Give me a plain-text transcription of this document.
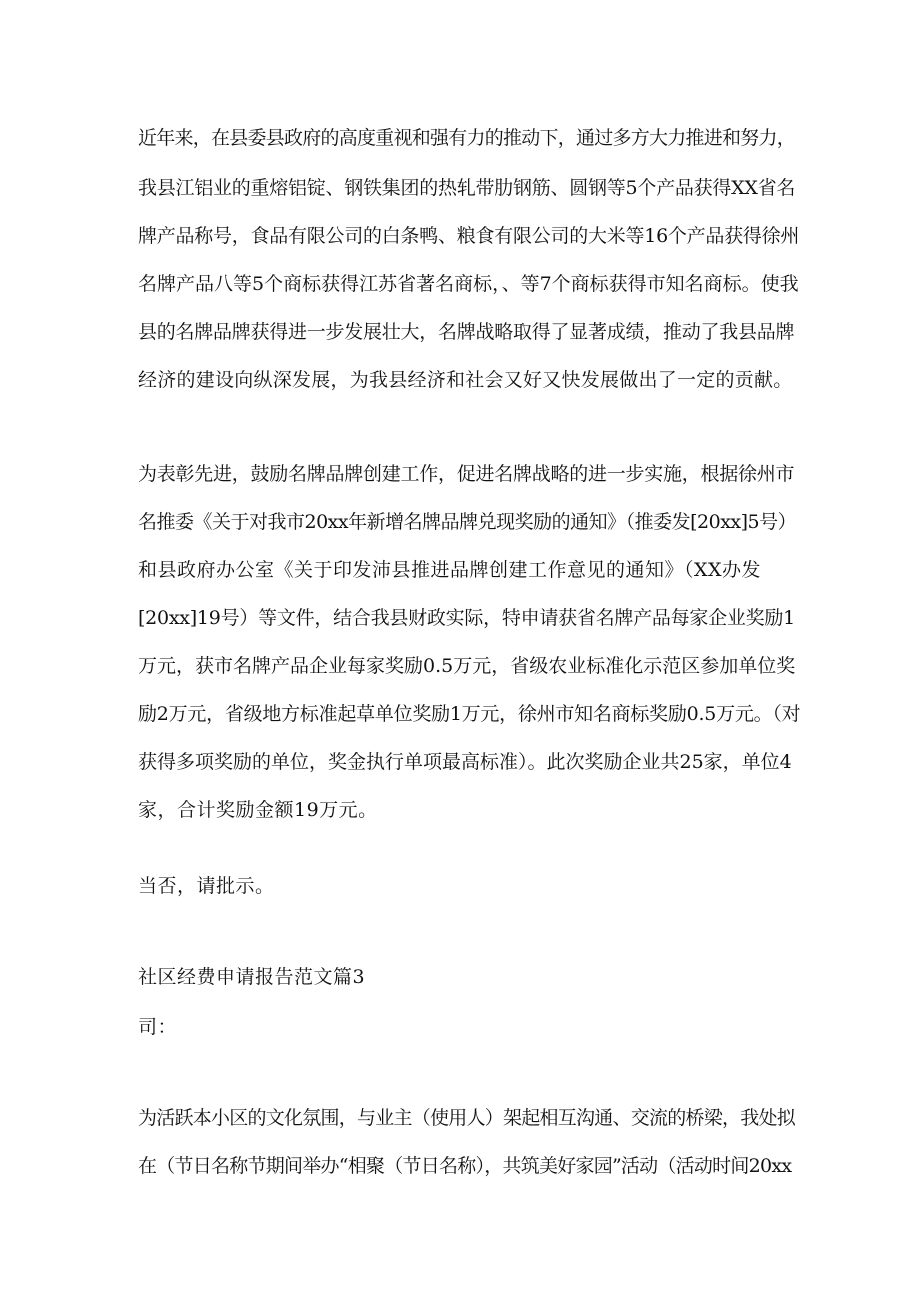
近年来，在县委县政府的高度重视和强有力的推动下，通过多方大力推进和努力，

我县江铝业的重熔铝锭、钢铁集团的热轧带肋钢筋、圆钢等5个产品获得XX省名

牌产品称号，食品有限公司的白条鸭、粮食有限公司的大米等16个产品获得徐州

名牌产品八等5个商标获得江苏省著名商标，、等7个商标获得市知名商标。使我

县的名牌品牌获得进一步发展壮大，名牌战略取得了显著成绩，推动了我县品牌

经济的建设向纵深发展，为我县经济和社会又好又快发展做出了一定的贡献。

为表彰先进，鼓励名牌品牌创建工作，促进名牌战略的进一步实施，根据徐州市

名推委《关于对我市20xx年新增名牌品牌兑现奖励的通知》（推委发[20xx]5号）

和县政府办公室《关于印发沛县推进品牌创建工作意见的通知》（XX办发

[20xx]19号）等文件，结合我县财政实际，特申请获省名牌产品每家企业奖励1

万元，获市名牌产品企业每家奖励0.5万元，省级农业标准化示范区参加单位奖

励2万元，省级地方标准起草单位奖励1万元，徐州市知名商标奖励0.5万元。（对

获得多项奖励的单位，奖金执行单项最高标准）。此次奖励企业共25家，单位4

家，合计奖励金额19万元。

当否，请批示。

社区经费申请报告范文篇3

司：

为活跃本小区的文化氛围，与业主（使用人）架起相互沟通、交流的桥梁，我处拟

在（节日名称节期间举办“相聚（节日名称），共筑美好家园”活动（活动时间20xx
